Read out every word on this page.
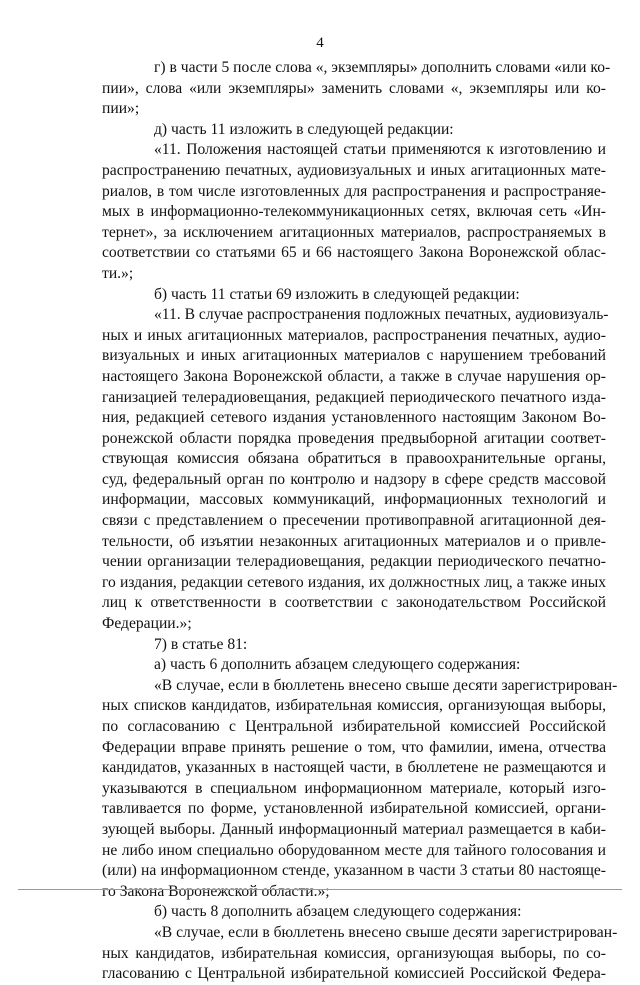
4
г) в части 5 после слова «, экземпляры» дополнить словами «или ко-
пии», слова «или экземпляры» заменить словами «, экземпляры или ко-
пии»;
д) часть 11 изложить в следующей редакции:
«11. Положения настоящей статьи применяются к изготовлению и
распространению печатных, аудиовизуальных и иных агитационных мате-
риалов, в том числе изготовленных для распространения и распространяе-
мых в информационно-телекоммуникационных сетях, включая сеть «Ин-
тернет», за исключением агитационных материалов, распространяемых в
соответствии со статьями 65 и 66 настоящего Закона Воронежской облас-
ти.»;
б) часть 11 статьи 69 изложить в следующей редакции:
«11. В случае распространения подложных печатных, аудиовизуаль-
ных и иных агитационных материалов, распространения печатных, аудио-
визуальных и иных агитационных материалов с нарушением требований
настоящего Закона Воронежской области, а также в случае нарушения ор-
ганизацией телерадиовещания, редакцией периодического печатного изда-
ния, редакцией сетевого издания установленного настоящим Законом Во-
ронежской области порядка проведения предвыборной агитации соответ-
ствующая комиссия обязана обратиться в правоохранительные органы,
суд, федеральный орган по контролю и надзору в сфере средств массовой
информации, массовых коммуникаций, информационных технологий и
связи с представлением о пресечении противоправной агитационной дея-
тельности, об изъятии незаконных агитационных материалов и о привле-
чении организации телерадиовещания, редакции периодического печатно-
го издания, редакции сетевого издания, их должностных лиц, а также иных
лиц к ответственности в соответствии с законодательством Российской
Федерации.»;
7) в статье 81:
а) часть 6 дополнить абзацем следующего содержания:
«В случае, если в бюллетень внесено свыше десяти зарегистрирован-
ных списков кандидатов, избирательная комиссия, организующая выборы,
по согласованию с Центральной избирательной комиссией Российской
Федерации вправе принять решение о том, что фамилии, имена, отчества
кандидатов, указанных в настоящей части, в бюллетене не размещаются и
указываются в специальном информационном материале, который изго-
тавливается по форме, установленной избирательной комиссией, органи-
зующей выборы. Данный информационный материал размещается в каби-
не либо ином специально оборудованном месте для тайного голосования и
(или) на информационном стенде, указанном в части 3 статьи 80 настояще-
го Закона Воронежской области.»;
б) часть 8 дополнить абзацем следующего содержания:
«В случае, если в бюллетень внесено свыше десяти зарегистрирован-
ных кандидатов, избирательная комиссия, организующая выборы, по со-
гласованию с Центральной избирательной комиссией Российской Федера-
